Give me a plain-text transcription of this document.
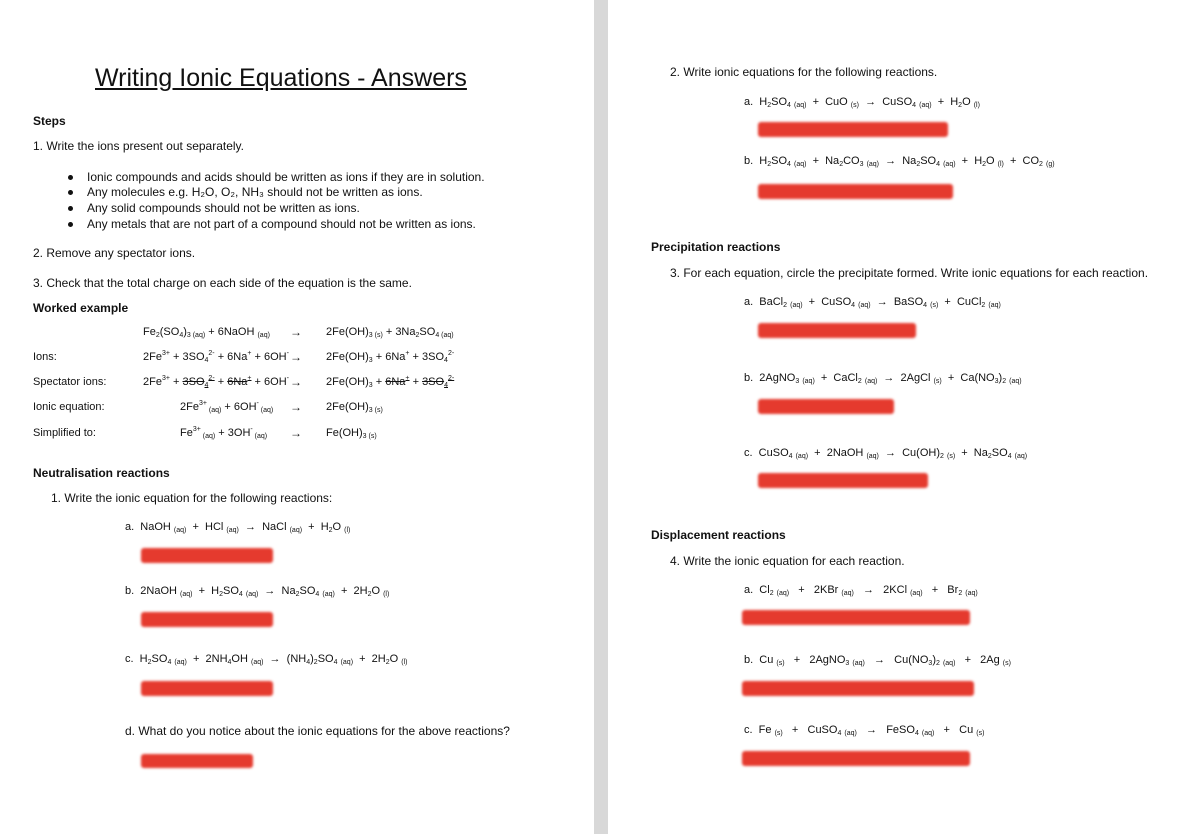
Writing Ionic Equations - Answers
Steps
1. Write the ions present out separately.
Ionic compounds and acids should be written as ions if they are in solution.
Any molecules e.g. H₂O, O₂, NH₃ should not be written as ions.
Any solid compounds should not be written as ions.
Any metals that are not part of a compound should not be written as ions.
2. Remove any spectator ions.
3. Check that the total charge on each side of the equation is the same.
Worked example
Fe2(SO4)3 (aq) + 6NaOH (aq) → 2Fe(OH)3 (s) + 3Na2SO4 (aq)
Ions:	$2Fe^{3+} + 3SO4^{2-} + 6Na^+ + 6OH^- \to 2Fe(OH)3 + 6Na^+ + 3SO4^{2-}$
Spectator ions:	$2Fe^{3+} + 3SO4^{2-} + 6Na^+ + 6OH^- \to 2Fe(OH)3 + 6Na^+ + 3SO4^{2-}$
Ionic equation:	$2Fe^{3+}$ (aq) + 6OH- (aq) → 2Fe(OH)3 (s)
Simplified to:	$Fe^{3+}$ (aq) + 3OH- (aq) → Fe(OH)3 (s)
Neutralisation reactions
1. Write the ionic equation for the following reactions:
a.  NaOH (aq)  +  HCl (aq)  →  NaCl (aq)  +  H2O (l)
b.  2NaOH (aq)  +  H2SO4 (aq)  →  Na2SO4 (aq)  +  2H2O (l)
c.  H2SO4 (aq)  +  2NH4OH (aq)  →  (NH4)2SO4 (aq)  +  2H2O (l)
d. What do you notice about the ionic equations for the above reactions?
2. Write ionic equations for the following reactions.
a.  H2SO4 (aq)  +  CuO (s)  →  CuSO4 (aq)  +  H2O (l)
b.  H2SO4 (aq)  +  Na2CO3 (aq)  →  Na2SO4 (aq)  +  H2O (l)  +  CO2 (g)
Precipitation reactions
3. For each equation, circle the precipitate formed. Write ionic equations for each reaction.
a.  BaCl2 (aq)  +  CuSO4 (aq)  →  BaSO4 (s)  +  CuCl2 (aq)
b.  2AgNO3 (aq)  +  CaCl2 (aq)  →  2AgCl (s)  +  Ca(NO3)2 (aq)
c.  CuSO4 (aq)  +  2NaOH (aq)  →  Cu(OH)2 (s)  +  Na2SO4 (aq)
Displacement reactions
4. Write the ionic equation for each reaction.
a.  Cl2 (aq)   +   2KBr (aq)   →   2KCl (aq)   +   Br2 (aq)
b.  Cu (s)   +   2AgNO3 (aq)   →   Cu(NO3)2 (aq)   +   2Ag (s)
c.  Fe (s)   +   CuSO4 (aq)   →   FeSO4 (aq)   +   Cu (s)
